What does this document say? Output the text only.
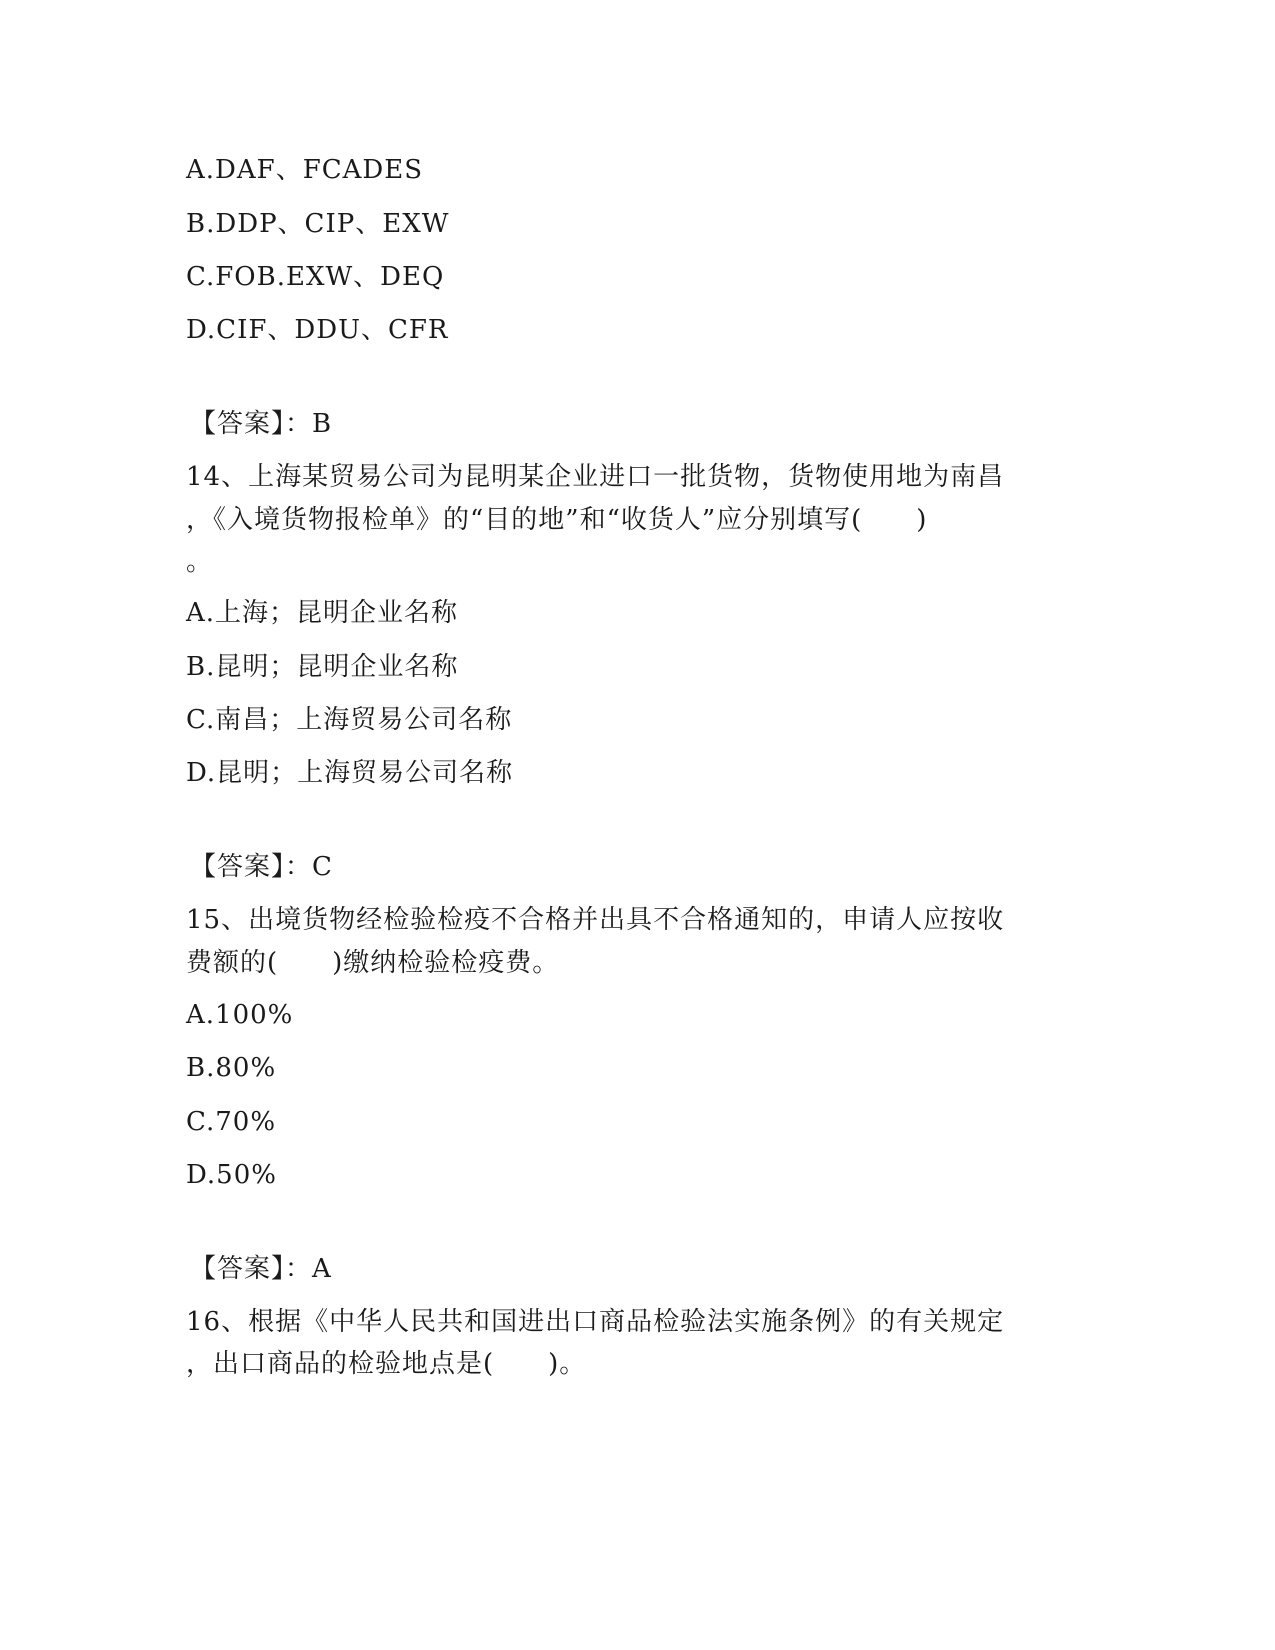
A.DAF、FCADES
B.DDP、CIP、EXW
C.FOB.EXW、DEQ
D.CIF、DDU、CFR
【答案】：B
14、上海某贸易公司为昆明某企业进口一批货物，货物使用地为南昌
，《入境货物报检单》的“目的地”和“收货人”应分别填写(　　)
。
A.上海；昆明企业名称
B.昆明；昆明企业名称
C.南昌；上海贸易公司名称
D.昆明；上海贸易公司名称
【答案】：C
15、出境货物经检验检疫不合格并出具不合格通知的，申请人应按收
费额的(　　)缴纳检验检疫费。
A.100%
B.80%
C.70%
D.50%
【答案】：A
16、根据《中华人民共和国进出口商品检验法实施条例》的有关规定
，出口商品的检验地点是(　　)。
